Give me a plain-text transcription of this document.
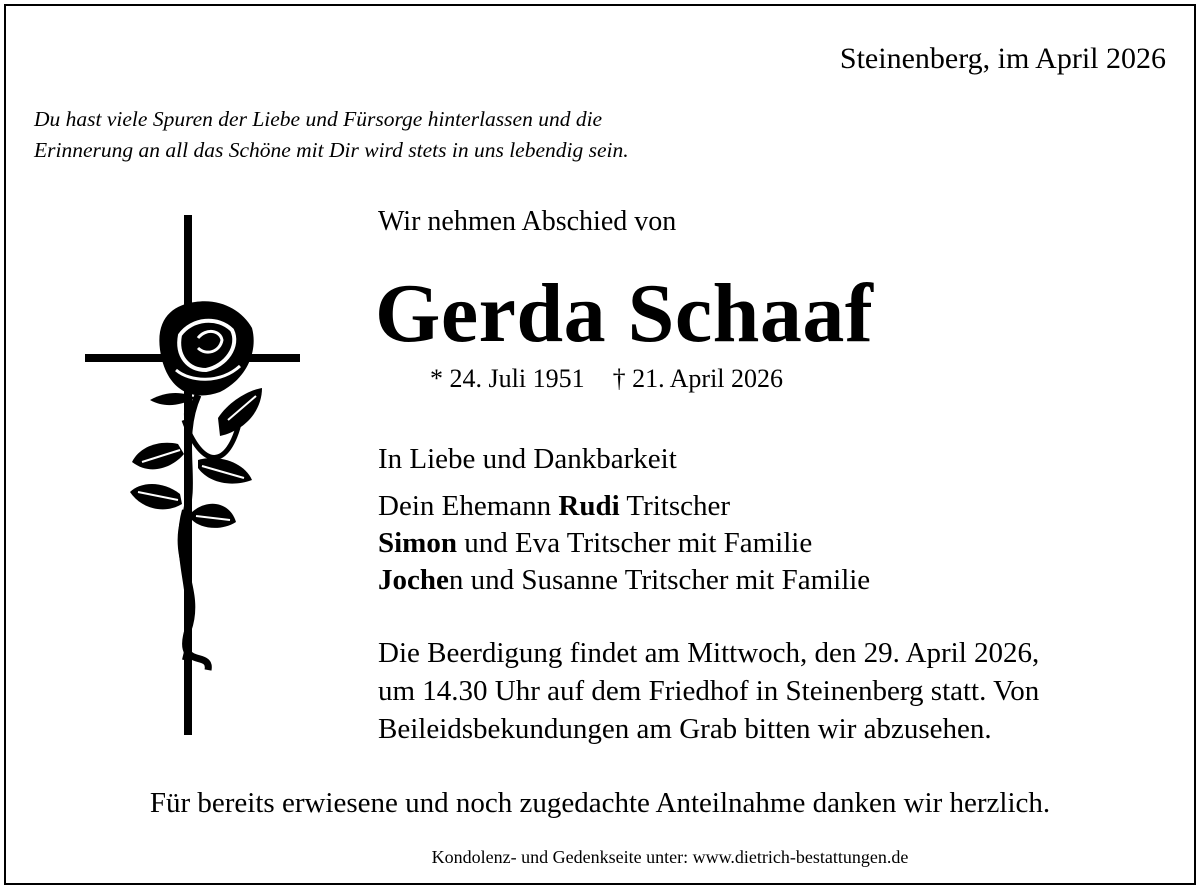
Steinenberg, im April 2026
Du hast viele Spuren der Liebe und Fürsorge hinterlassen und die
Erinnerung an all das Schöne mit Dir wird stets in uns lebendig sein.
Wir nehmen Abschied von
Gerda Schaaf
* 24. Juli 1951 † 21. April 2026
In Liebe und Dankbarkeit
Dein Ehemann Rudi Tritscher
Simon und Eva Tritscher mit Familie
Jochen und Susanne Tritscher mit Familie
Die Beerdigung findet am Mittwoch, den 29. April 2026,
um 14.30 Uhr auf dem Friedhof in Steinenberg statt. Von
Beileidsbekundungen am Grab bitten wir abzusehen.
Für bereits erwiesene und noch zugedachte Anteilnahme danken wir herzlich.
Kondolenz- und Gedenkseite unter: www.dietrich-bestattungen.de
